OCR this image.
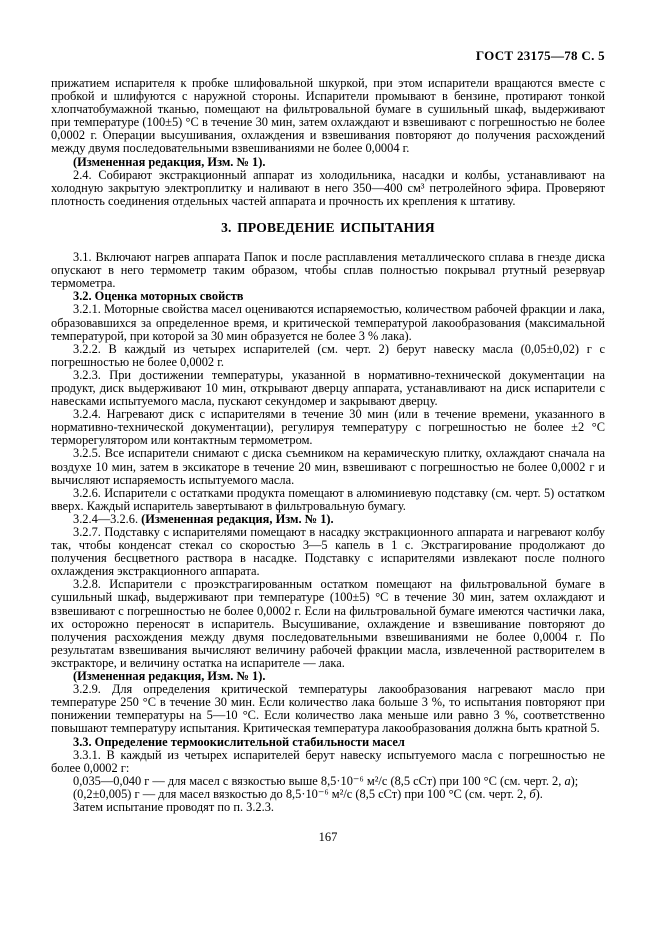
ГОСТ 23175—78 С. 5

прижатием испарителя к пробке шлифовальной шкуркой, при этом испарители вращаются вместе с пробкой и шлифуются с наружной стороны. Испарители промывают в бензине, протирают тонкой хлопчатобумажной тканью, помещают на фильтровальной бумаге в сушильный шкаф, выдерживают при температуре (100±5) °С в течение 30 мин, затем охлаждают и взвешивают с погрешностью не более 0,0002 г. Операции высушивания, охлаждения и взвешивания повторяют до получения расхождений между двумя последовательными взвешиваниями не более 0,0004 г.

(Измененная редакция, Изм. № 1).

2.4. Собирают экстракционный аппарат из холодильника, насадки и колбы, устанавливают на холодную закрытую электроплитку и наливают в него 350—400 см³ петролейного эфира. Проверяют плотность соединения отдельных частей аппарата и прочность их крепления к штативу.

3. ПРОВЕДЕНИЕ ИСПЫТАНИЯ

3.1. Включают нагрев аппарата Папок и после расплавления металлического сплава в гнезде диска опускают в него термометр таким образом, чтобы сплав полностью покрывал ртутный резервуар термометра.

3.2. Оценка моторных свойств

3.2.1. Моторные свойства масел оцениваются испаряемостью, количеством рабочей фракции и лака, образовавшихся за определенное время, и критической температурой лакообразования (максимальной температурой, при которой за 30 мин образуется не более 3 % лака).

3.2.2. В каждый из четырех испарителей (см. черт. 2) берут навеску масла (0,05±0,02) г с погрешностью не более 0,0002 г.

3.2.3. При достижении температуры, указанной в нормативно-технической документации на продукт, диск выдерживают 10 мин, открывают дверцу аппарата, устанавливают на диск испарители с навесками испытуемого масла, пускают секундомер и закрывают дверцу.

3.2.4. Нагревают диск с испарителями в течение 30 мин (или в течение времени, указанного в нормативно-технической документации), регулируя температуру с погрешностью не более ±2 °С терморегулятором или контактным термометром.

3.2.5. Все испарители снимают с диска съемником на керамическую плитку, охлаждают сначала на воздухе 10 мин, затем в эксикаторе в течение 20 мин, взвешивают с погрешностью не более 0,0002 г и вычисляют испаряемость испытуемого масла.

3.2.6. Испарители с остатками продукта помещают в алюминиевую подставку (см. черт. 5) остатком вверх. Каждый испаритель завертывают в фильтровальную бумагу.

3.2.4—3.2.6. (Измененная редакция, Изм. № 1).

3.2.7. Подставку с испарителями помещают в насадку экстракционного аппарата и нагревают колбу так, чтобы конденсат стекал со скоростью 3—5 капель в 1 с. Экстрагирование продолжают до получения бесцветного раствора в насадке. Подставку с испарителями извлекают после полного охлаждения экстракционного аппарата.

3.2.8. Испарители с проэкстрагированным остатком помещают на фильтровальной бумаге в сушильный шкаф, выдерживают при температуре (100±5) °С в течение 30 мин, затем охлаждают и взвешивают с погрешностью не более 0,0002 г. Если на фильтровальной бумаге имеются частички лака, их осторожно переносят в испаритель. Высушивание, охлаждение и взвешивание повторяют до получения расхождения между двумя последовательными взвешиваниями не более 0,0004 г. По результатам взвешивания вычисляют величину рабочей фракции масла, извлеченной растворителем в экстракторе, и величину остатка на испарителе — лака.

(Измененная редакция, Изм. № 1).

3.2.9. Для определения критической температуры лакообразования нагревают масло при температуре 250 °С в течение 30 мин. Если количество лака больше 3 %, то испытания повторяют при понижении температуры на 5—10 °С. Если количество лака меньше или равно 3 %, соответственно повышают температуру испытания. Критическая температура лакообразования должна быть кратной 5.

3.3. Определение термоокислительной стабильности масел

3.3.1. В каждый из четырех испарителей берут навеску испытуемого масла с погрешностью не более 0,0002 г:

0,035—0,040 г — для масел с вязкостью выше 8,5·10⁻⁶ м²/с (8,5 сСт) при 100 °С (см. черт. 2, а);

(0,2±0,005) г — для масел вязкостью до 8,5·10⁻⁶ м²/с (8,5 сСт) при 100 °С (см. черт. 2, б).

Затем испытание проводят по п. 3.2.3.

167
